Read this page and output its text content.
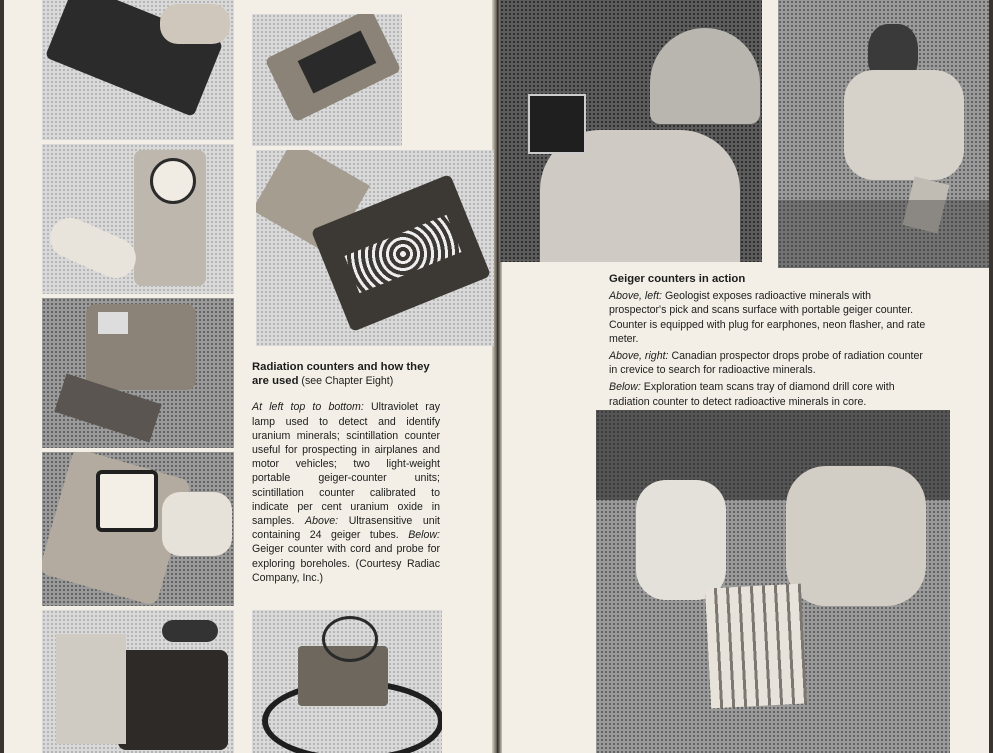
Radiation counters and how they are used (see Chapter Eight)
At left top to bottom: Ultraviolet ray lamp used to detect and identify uranium minerals; scintillation counter useful for prospecting in airplanes and motor vehicles; two light-weight portable geiger-counter units; scintillation counter calibrated to indicate per cent uranium oxide in samples. Above: Ultrasensitive unit containing 24 geiger tubes. Below: Geiger counter with cord and probe for exploring boreholes. (Courtesy Radiac Company, Inc.)

Geiger counters in action

Above, left: Geologist exposes radioactive minerals with prospector's pick and scans surface with portable geiger counter. Counter is equipped with plug for earphones, neon flasher, and rate meter.

Above, right: Canadian prospector drops probe of radiation counter in crevice to search for radioactive minerals.

Below: Exploration team scans tray of diamond drill core with radiation counter to detect radioactive minerals in core.
